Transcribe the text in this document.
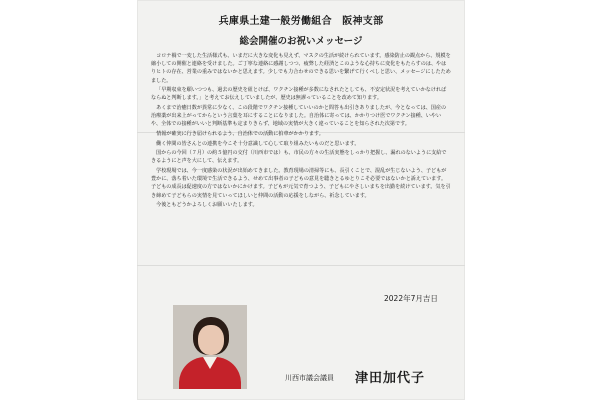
兵庫県土建一般労働組合　阪神支部
総会開催のお祝いメッセージ

コロナ禍で一変した生活様式も、いまだに大きな変化も見えず、マスクの生活が続けられています。感染防止の観点から、規模を縮小しての開催と連絡を受けました。ご丁寧な連絡に感謝しつつ、疲弊した経済とこのような心持ちに変化をもたらすのは、やはりヒトの存在、営業の重みではないかと思えます。少しでも力合わせのできる思いを繋げて行くべしと思い、メッセージにしたためました。

「早期収束を願いつつも、過去の歴史を紐とけば、ワクチン接種が多数になされたとしても、不安定状況を考えていかなければならぬと判断します。」と考えてお伝えしていましたが、歴史は無謬っていることを改めて知ります。

あくまで治癒日数が異常に少なく、この段階でワクチン接種していいのかと問答も出引きありましたが、今となっては、国産の治療薬が出来上がってからという言葉を耳にすることになりました。自治体に寄っては、かかりつけ医でワクチン接種、いやいや、全体での接種がいいと判断基準も定まりきらず、地域の実情が大きく違っていることを知らされた次第です。

情報が確実に行き届けられるよう、自治体での活動に拍車がかかります。

働く仲間の皆さんとの連携を今こそ十分意識して心して取り組みたいものだと思います。

国からの今回（７月）の約５億円の交付（川西市では）も、市民の方々の生活実態をしっかり把握し、漏れのないように支給できるようにと声を大にして、伝えます。

学校現場では、今一度感染の状況が出始めてきました。教育現場の清掃等にも、長引くことで、混乱が生じないよう、子どもが豊かに、落ち着いた環境で生活できるよう、せめて出事者の子どもの意見を聴きとるゆとりこそ必要ではないかと訴えています。子どもの成長は促速度の方ではないかにかけます。子どもが元気で育つよう、子どもにやさしいまちを出勤を続けています。気を引き締めて子どもらの実情を見ていってほしいと仲間の活動の応援をしながら、祈念しています。

今後ともどうかよろしくお願いいたします。

2022年7月吉日
川西市議会議員 津田加代子
